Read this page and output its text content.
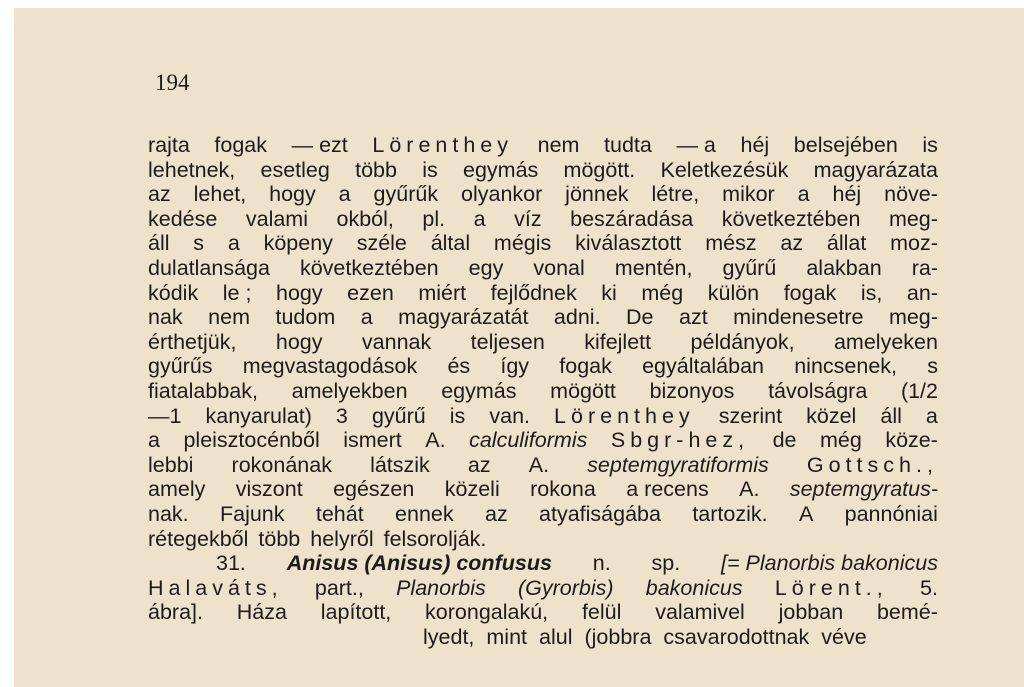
194

rajta fogak — ezt Lörenthey nem tudta — a héj belsejében is
lehetnek, esetleg több is egymás mögött. Keletkezésük magyarázata
az lehet, hogy a gyűrűk olyankor jönnek létre, mikor a héj növe-
kedése valami okból, pl. a víz beszáradása következtében meg-
áll s a köpeny széle által mégis kiválasztott mész az állat moz-
dulatlansága következtében egy vonal mentén, gyűrű alakban ra-
kódik le ; hogy ezen miért fejlődnek ki még külön fogak is, an-
nak nem tudom a magyarázatát adni. De azt mindenesetre meg-
érthetjük, hogy vannak teljesen kifejlett példányok, amelyeken
gyűrűs megvastagodások és így fogak egyáltalában nincsenek, s
fiatalabbak, amelyekben egymás mögött bizonyos távolságra (1/2
—1 kanyarulat) 3 gyűrű is van. Lörenthey szerint közel áll a
a pleisztocénből ismert A. calculiformis Sbgr-hez, de még köze-
lebbi rokonának látszik az A. septemgyratiformis Gottsch.,
amely viszont egészen közeli rokona a recens A. septemgyratus-
nak. Fajunk tehát ennek az atyafiságába tartozik. A pannóniai
rétegekből több helyről felsorolják.
31. Anisus (Anisus) confusus n. sp. [= Planorbis bakonicus
Halaváts, part., Planorbis (Gyrorbis) bakonicus Lörent., 5.
ábra]. Háza lapított, korongalakú, felül valamivel jobban bemé-
lyedt, mint alul (jobbra csavarodottnak véve
